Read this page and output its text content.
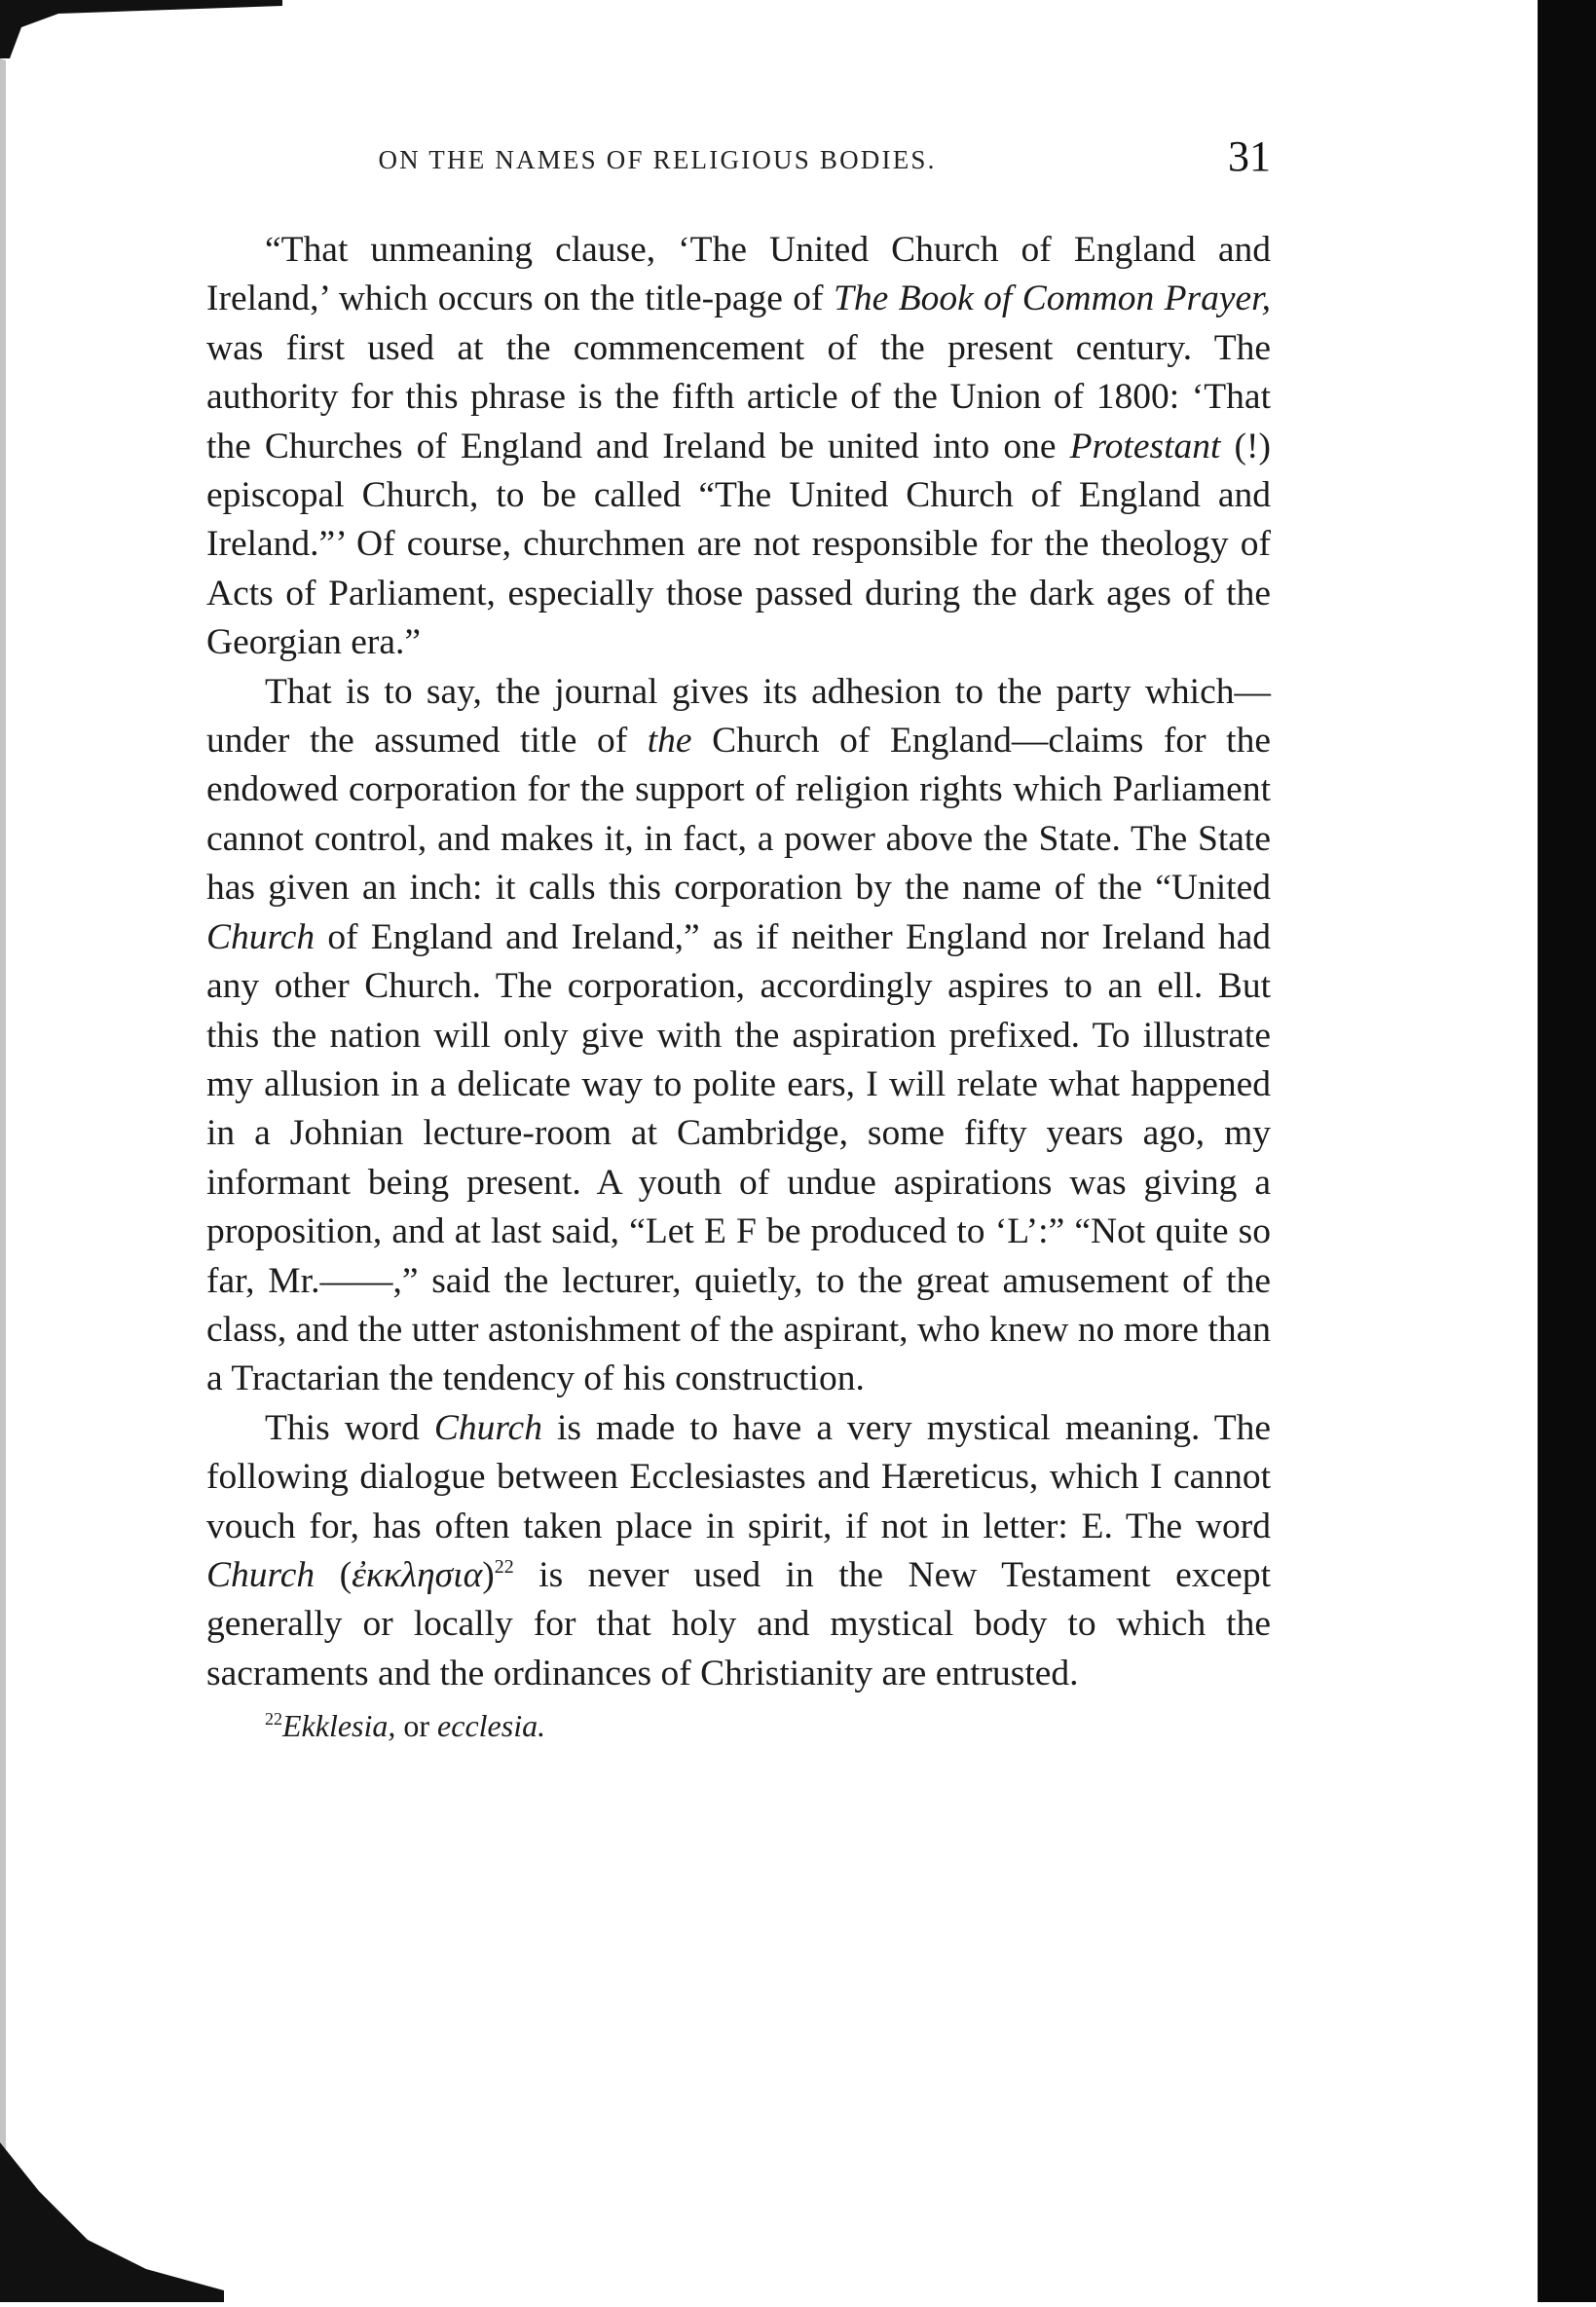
ON THE NAMES OF RELIGIOUS BODIES.	31

“That unmeaning clause, ‘The United Church of England and Ireland,’ which occurs on the title-page of The Book of Common Prayer, was first used at the commencement of the present century. The authority for this phrase is the fifth article of the Union of 1800: ‘That the Churches of England and Ireland be united into one Protestant (!) episcopal Church, to be called “The United Church of England and Ireland.”’ Of course, churchmen are not responsible for the theology of Acts of Parliament, especially those passed during the dark ages of the Georgian era.”

That is to say, the journal gives its adhesion to the party which—under the assumed title of the Church of England—claims for the endowed corporation for the support of religion rights which Parliament cannot control, and makes it, in fact, a power above the State. The State has given an inch: it calls this corporation by the name of the “United Church of England and Ireland,” as if neither England nor Ireland had any other Church. The corporation, accordingly aspires to an ell. But this the nation will only give with the aspiration prefixed. To illustrate my allusion in a delicate way to polite ears, I will relate what happened in a Johnian lecture-room at Cambridge, some fifty years ago, my informant being present. A youth of undue aspirations was giving a proposition, and at last said, “Let E F be produced to ‘L’:” “Not quite so far, Mr.——,” said the lecturer, quietly, to the great amusement of the class, and the utter astonishment of the aspirant, who knew no more than a Tractarian the tendency of his construction.

This word Church is made to have a very mystical meaning. The following dialogue between Ecclesiastes and Hæreticus, which I cannot vouch for, has often taken place in spirit, if not in letter: E. The word Church (ἐκκλησια)$^{22}$ is never used in the New Testament except generally or locally for that holy and mystical body to which the sacraments and the ordinances of Christianity are entrusted.

$^{22}$Ekklesia, or ecclesia.
